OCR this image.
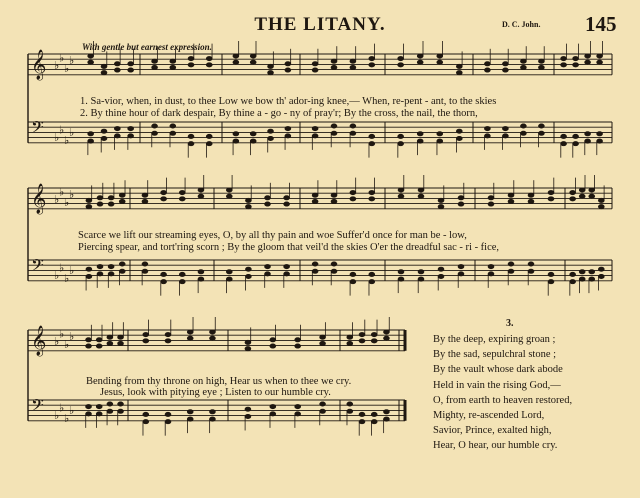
THE LITANY.	D. C. John. 145
With gentle but earnest expression.
𝄞
𝄢
♭
♭
♭
♭
♭
♭
♭
♭
𝄞
𝄢
♭
♭
♭
♭
♭
♭
♭
♭
𝄞
𝄢
♭
♭
♭
♭
♭
♭
♭
♭
1. Sa-vior, when, in dust, to thee Low we bow th' ador-ing knee,— When, re-pent - ant, to the skies
2. By thine hour of dark despair, By thine a - go - ny of pray'r; By the cross, the nail, the thorn,
Scarce we lift our streaming eyes, O, by all thy pain and woe Suffer'd once for man be - low,
Piercing spear, and tort'ring scorn ; By the gloom that veil'd the skies O'er the dreadful sac - ri - fice,
Bending from thy throne on high, Hear us when to thee we cry.
Jesus, look with pitying eye ; Listen to our humble cry.
3.
By the deep, expiring groan ;
By the sad, sepulchral stone ;
By the vault whose dark abode
Held in vain the rising God,—
O, from earth to heaven restored,
Mighty, re-ascended Lord,
Savior, Prince, exalted high,
Hear, O hear, our humble cry.
